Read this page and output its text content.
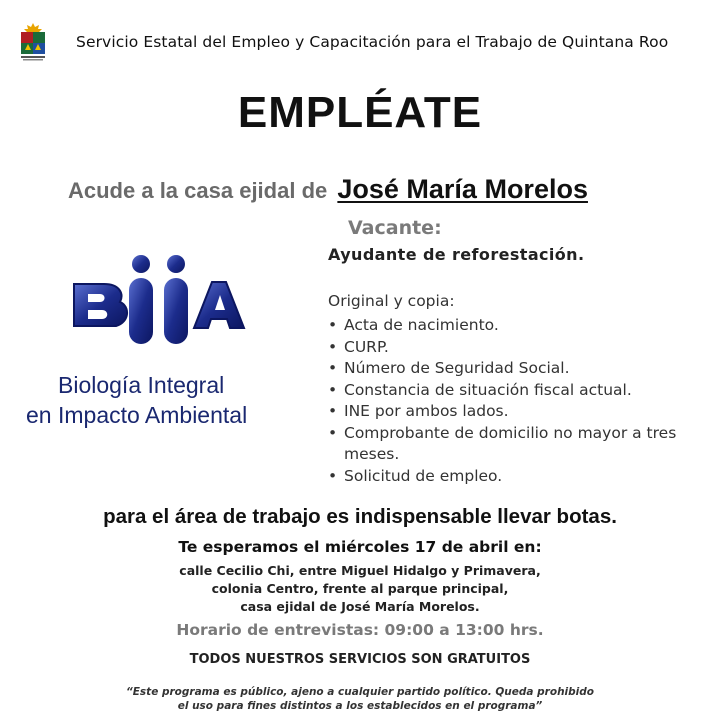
Servicio Estatal del Empleo y Capacitación para el Trabajo de Quintana Roo
EMPLÉATE
Acude a la casa ejidal de José María Morelos
Vacante:
Ayudante de reforestación.
Original y copia:
• Acta de nacimiento.
• CURP.
• Número de Seguridad Social.
• Constancia de situación fiscal actual.
• INE por ambos lados.
• Comprobante de domicilio no mayor a tres meses.
• Solicitud de empleo.
Biología Integral
en Impacto Ambiental
para el área de trabajo es indispensable llevar botas.
Te esperamos el miércoles 17 de abril en:
calle Cecilio Chi, entre Miguel Hidalgo y Primavera,
colonia Centro, frente al parque principal,
casa ejidal de José María Morelos.
Horario de entrevistas: 09:00 a 13:00 hrs.
TODOS NUESTROS SERVICIOS SON GRATUITOS
“Este programa es público, ajeno a cualquier partido político. Queda prohibido
el uso para fines distintos a los establecidos en el programa”
